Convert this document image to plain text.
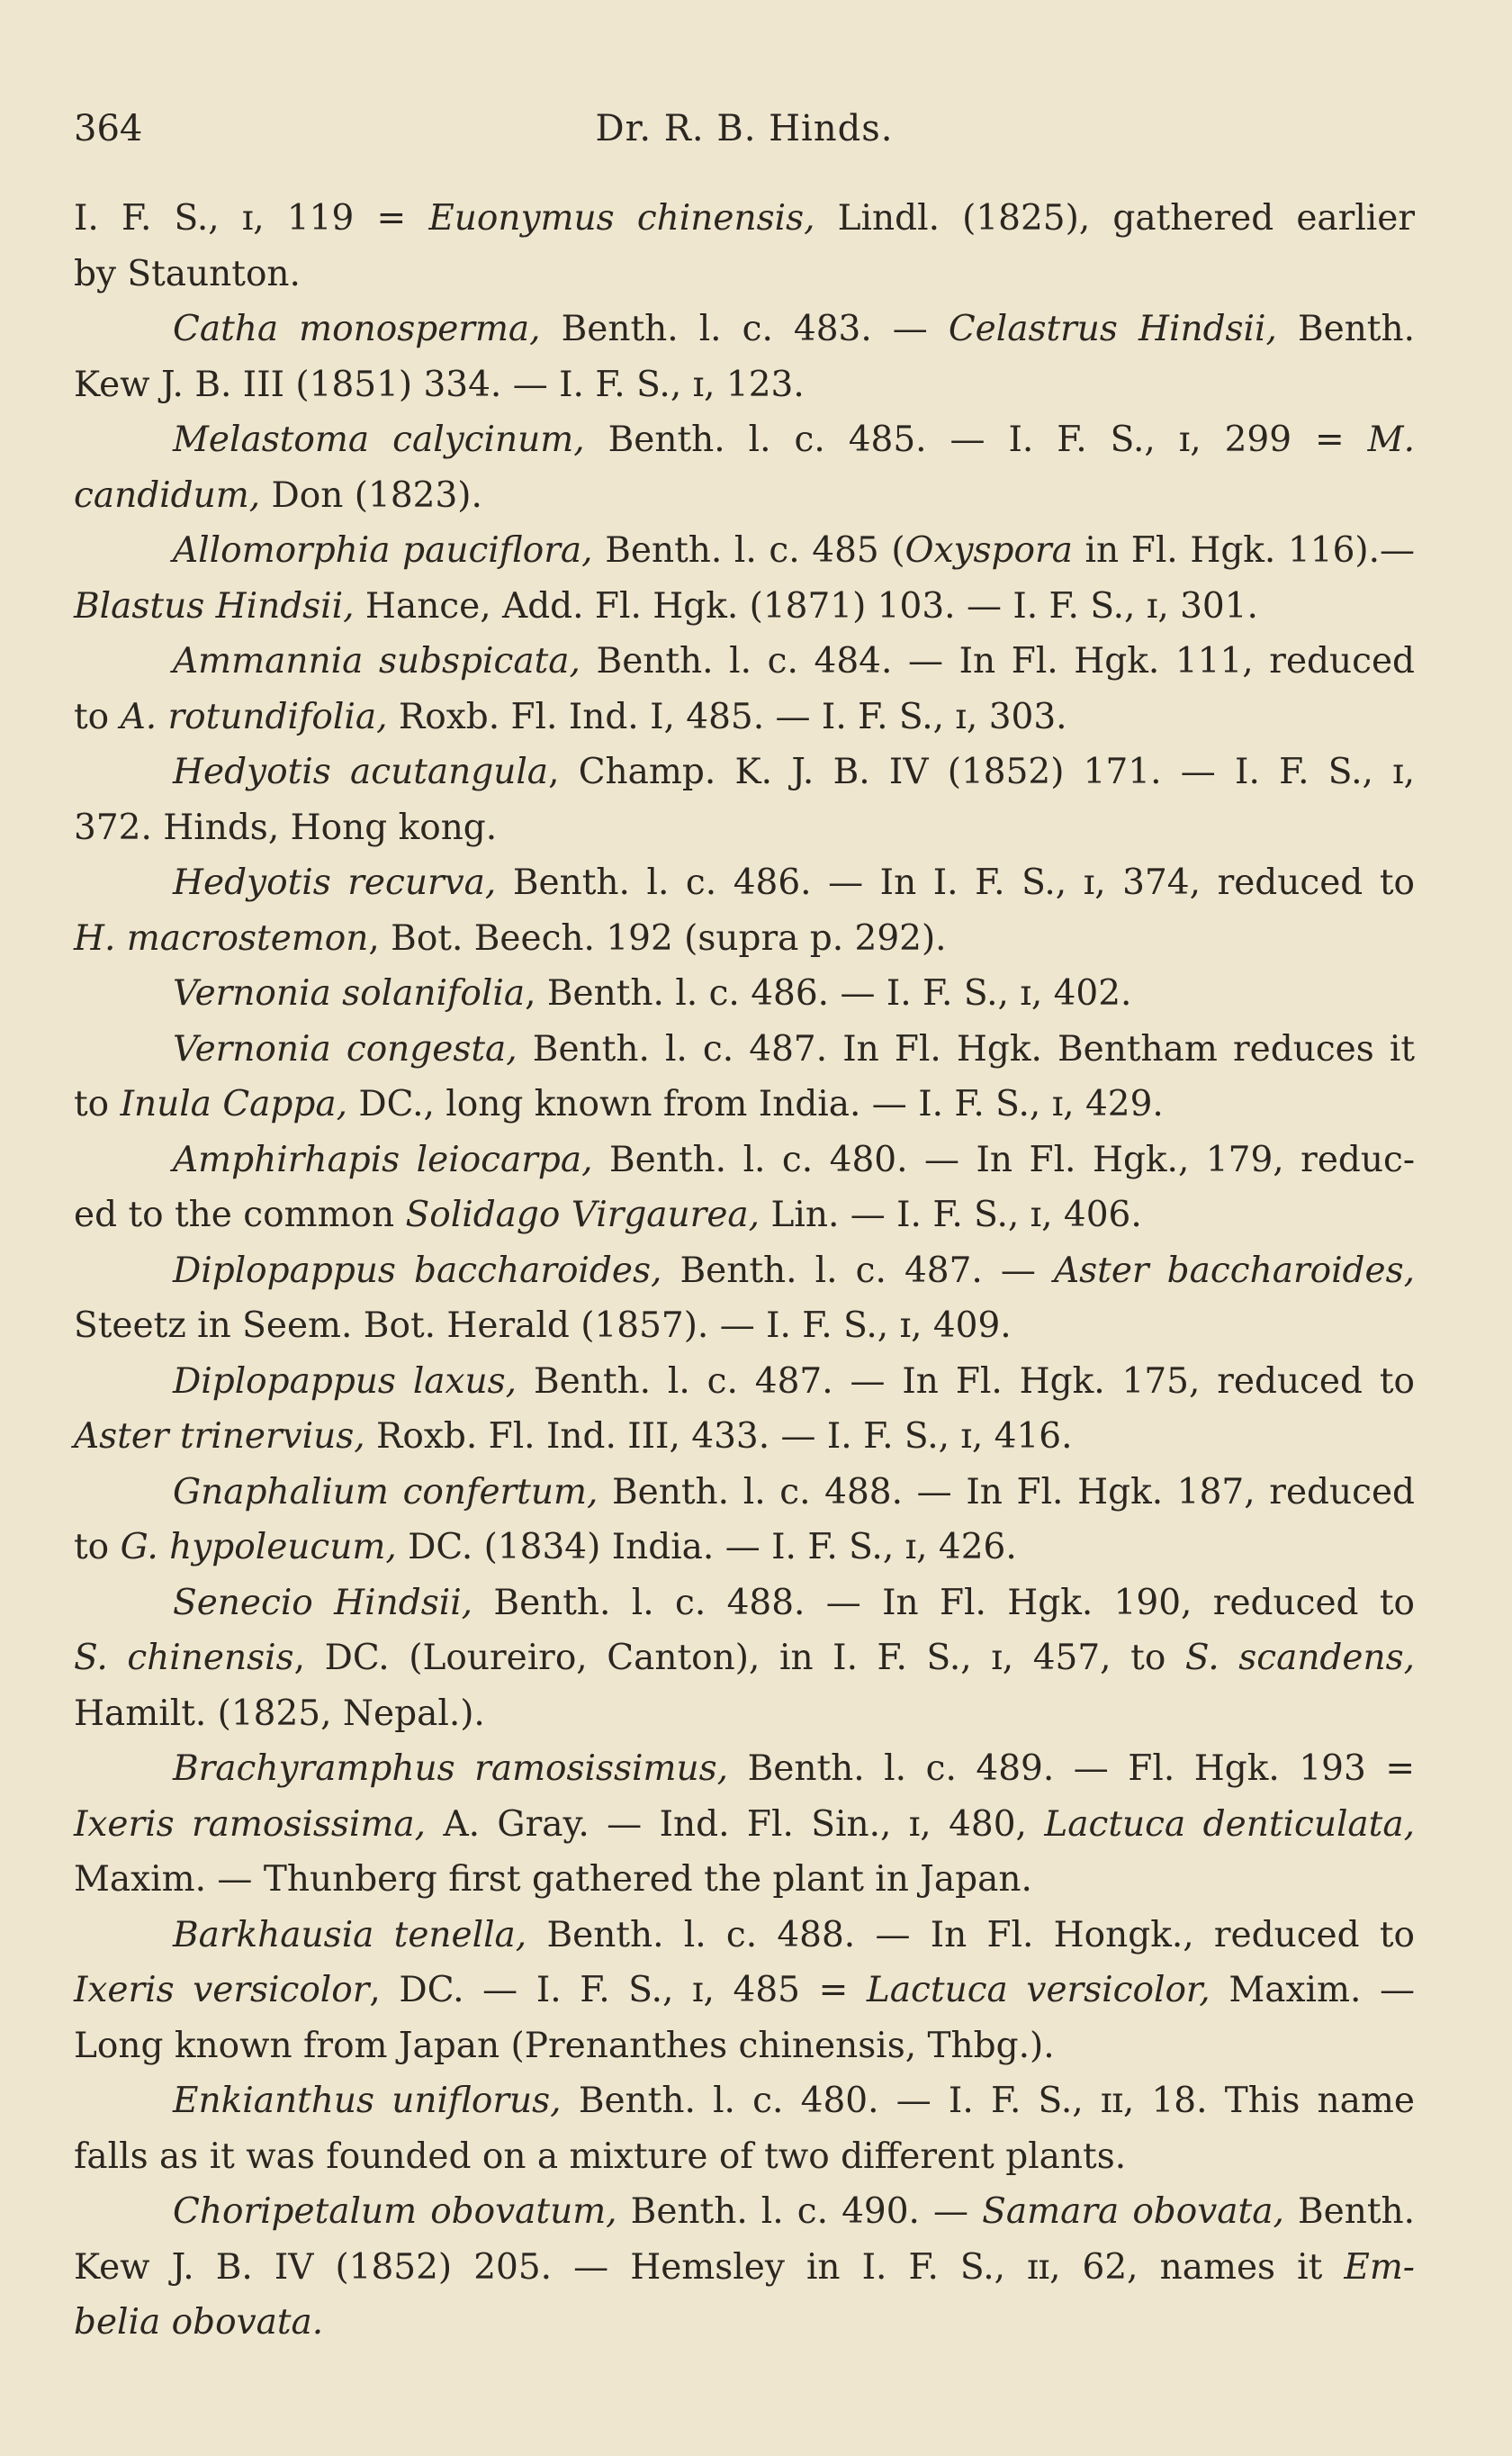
364	Dr. R. B. Hinds.
I. F. S., ɪ, 119 = Euonymus chinensis, Lindl. (1825), gathered earlier
by Staunton.
Catha monosperma, Benth. l. c. 483. — Celastrus Hindsii, Benth.
Kew J. B. III (1851) 334. — I. F. S., ɪ, 123.
Melastoma calycinum, Benth. l. c. 485. — I. F. S., ɪ, 299 = M.
candidum, Don (1823).
Allomorphia pauciflora, Benth. l. c. 485 (Oxyspora in Fl. Hgk. 116).—
Blastus Hindsii, Hance, Add. Fl. Hgk. (1871) 103. — I. F. S., ɪ, 301.
Ammannia subspicata, Benth. l. c. 484. — In Fl. Hgk. 111, reduced
to A. rotundifolia, Roxb. Fl. Ind. I, 485. — I. F. S., ɪ, 303.
Hedyotis acutangula, Champ. K. J. B. IV (1852) 171. — I. F. S., ɪ,
372. Hinds, Hong kong.
Hedyotis recurva, Benth. l. c. 486. — In I. F. S., ɪ, 374, reduced to
H. macrostemon, Bot. Beech. 192 (supra p. 292).
Vernonia solanifolia, Benth. l. c. 486. — I. F. S., ɪ, 402.
Vernonia congesta, Benth. l. c. 487. In Fl. Hgk. Bentham reduces it
to Inula Cappa, DC., long known from India. — I. F. S., ɪ, 429.
Amphirhapis leiocarpa, Benth. l. c. 480. — In Fl. Hgk., 179, reduc-
ed to the common Solidago Virgaurea, Lin. — I. F. S., ɪ, 406.
Diplopappus baccharoides, Benth. l. c. 487. — Aster baccharoides,
Steetz in Seem. Bot. Herald (1857). — I. F. S., ɪ, 409.
Diplopappus laxus, Benth. l. c. 487. — In Fl. Hgk. 175, reduced to
Aster trinervius, Roxb. Fl. Ind. III, 433. — I. F. S., ɪ, 416.
Gnaphalium confertum, Benth. l. c. 488. — In Fl. Hgk. 187, reduced
to G. hypoleucum, DC. (1834) India. — I. F. S., ɪ, 426.
Senecio Hindsii, Benth. l. c. 488. — In Fl. Hgk. 190, reduced to
S. chinensis, DC. (Loureiro, Canton), in I. F. S., ɪ, 457, to S. scandens,
Hamilt. (1825, Nepal.).
Brachyramphus ramosissimus, Benth. l. c. 489. — Fl. Hgk. 193 =
Ixeris ramosissima, A. Gray. — Ind. Fl. Sin., ɪ, 480, Lactuca denticulata,
Maxim. — Thunberg first gathered the plant in Japan.
Barkhausia tenella, Benth. l. c. 488. — In Fl. Hongk., reduced to
Ixeris versicolor, DC. — I. F. S., ɪ, 485 = Lactuca versicolor, Maxim. —
Long known from Japan (Prenanthes chinensis, Thbg.).
Enkianthus uniflorus, Benth. l. c. 480. — I. F. S., ɪɪ, 18. This name
falls as it was founded on a mixture of two different plants.
Choripetalum obovatum, Benth. l. c. 490. — Samara obovata, Benth.
Kew J. B. IV (1852) 205. — Hemsley in I. F. S., ɪɪ, 62, names it Em-
belia obovata.
